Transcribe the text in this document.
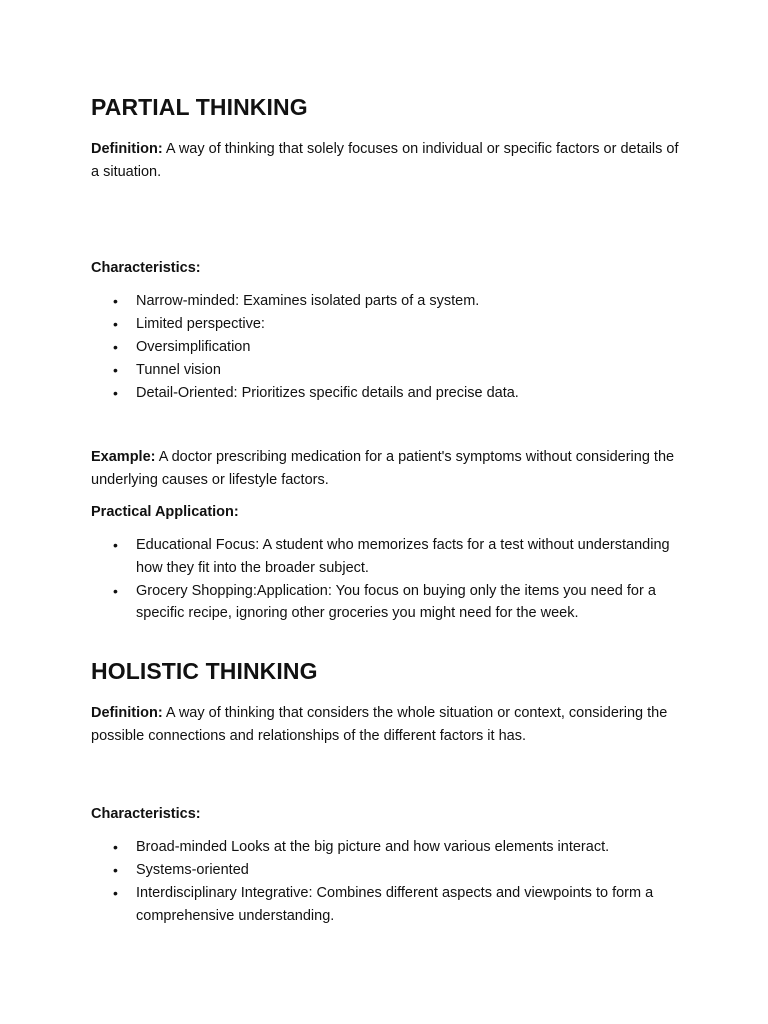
PARTIAL THINKING

Definition: A way of thinking that solely focuses on individual or specific factors or details of a situation.

Characteristics:

• Narrow-minded: Examines isolated parts of a system.
• Limited perspective:
• Oversimplification
• Tunnel vision
• Detail-Oriented: Prioritizes specific details and precise data.

Example: A doctor prescribing medication for a patient's symptoms without considering the underlying causes or lifestyle factors.

Practical Application:

• Educational Focus: A student who memorizes facts for a test without understanding how they fit into the broader subject.
• Grocery Shopping:Application: You focus on buying only the items you need for a specific recipe, ignoring other groceries you might need for the week.
HOLISTIC THINKING

Definition: A way of thinking that considers the whole situation or context, considering the possible connections and relationships of the different factors it has.

Characteristics:

• Broad-minded Looks at the big picture and how various elements interact.
• Systems-oriented
• Interdisciplinary Integrative: Combines different aspects and viewpoints to form a comprehensive understanding.
